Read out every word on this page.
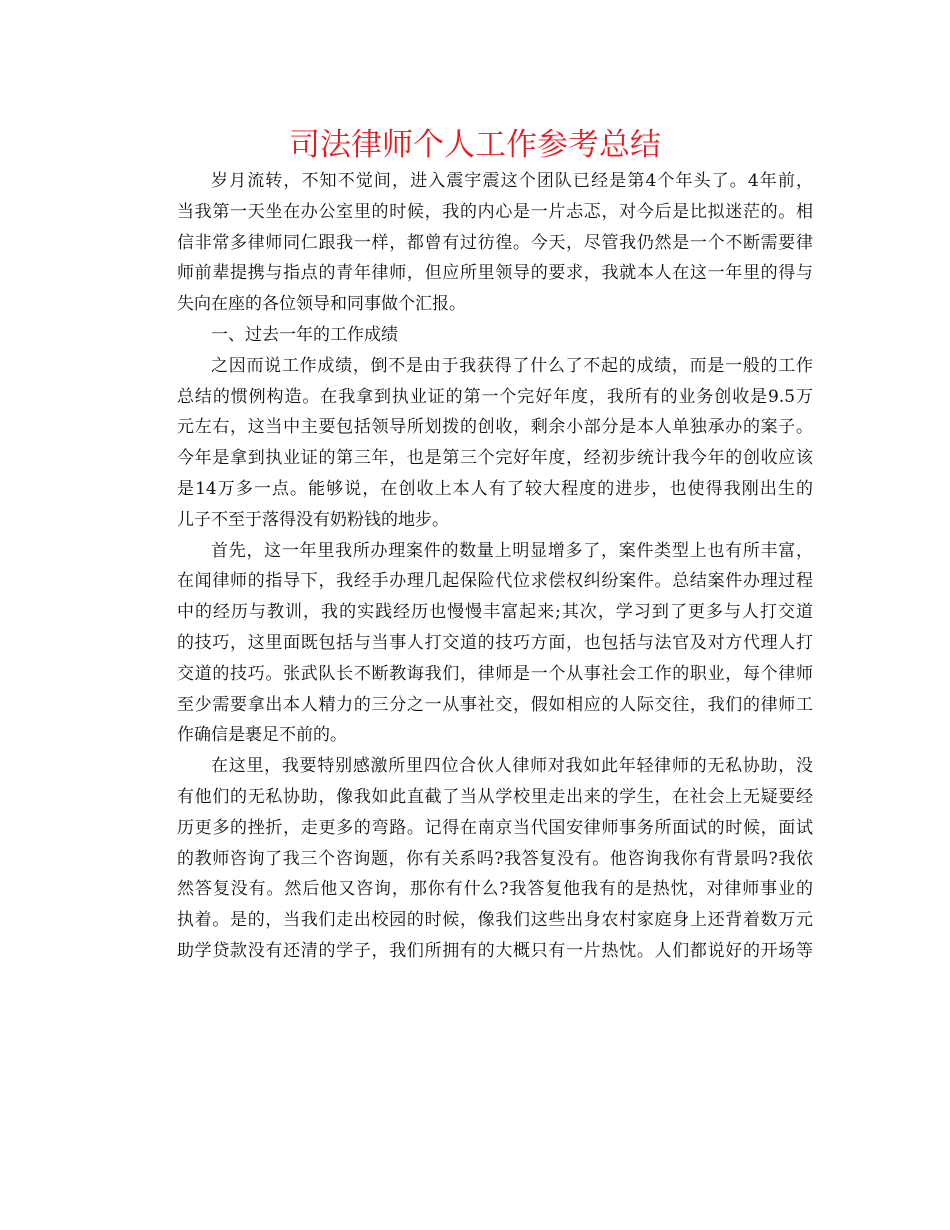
司法律师个人工作参考总结
岁月流转，不知不觉间，进入震宇震这个团队已经是第4个年头了。4年前，
当我第一天坐在办公室里的时候，我的内心是一片忐忑，对今后是比拟迷茫的。相
信非常多律师同仁跟我一样，都曾有过彷徨。今天，尽管我仍然是一个不断需要律
师前辈提携与指点的青年律师，但应所里领导的要求，我就本人在这一年里的得与
失向在座的各位领导和同事做个汇报。
一、过去一年的工作成绩
之因而说工作成绩，倒不是由于我获得了什么了不起的成绩，而是一般的工作
总结的惯例构造。在我拿到执业证的第一个完好年度，我所有的业务创收是9.5万
元左右，这当中主要包括领导所划拨的创收，剩余小部分是本人单独承办的案子。
今年是拿到执业证的第三年，也是第三个完好年度，经初步统计我今年的创收应该
是14万多一点。能够说，在创收上本人有了较大程度的进步，也使得我刚出生的
儿子不至于落得没有奶粉钱的地步。
首先，这一年里我所办理案件的数量上明显增多了，案件类型上也有所丰富，
在闻律师的指导下，我经手办理几起保险代位求偿权纠纷案件。总结案件办理过程
中的经历与教训，我的实践经历也慢慢丰富起来;其次，学习到了更多与人打交道
的技巧，这里面既包括与当事人打交道的技巧方面，也包括与法官及对方代理人打
交道的技巧。张武队长不断教诲我们，律师是一个从事社会工作的职业，每个律师
至少需要拿出本人精力的三分之一从事社交，假如相应的人际交往，我们的律师工
作确信是裹足不前的。
在这里，我要特别感激所里四位合伙人律师对我如此年轻律师的无私协助，没
有他们的无私协助，像我如此直截了当从学校里走出来的学生，在社会上无疑要经
历更多的挫折，走更多的弯路。记得在南京当代国安律师事务所面试的时候，面试
的教师咨询了我三个咨询题，你有关系吗?我答复没有。他咨询我你有背景吗?我依
然答复没有。然后他又咨询，那你有什么?我答复他我有的是热忱，对律师事业的
执着。是的，当我们走出校园的时候，像我们这些出身农村家庭身上还背着数万元
助学贷款没有还清的学子，我们所拥有的大概只有一片热忱。人们都说好的开场等
